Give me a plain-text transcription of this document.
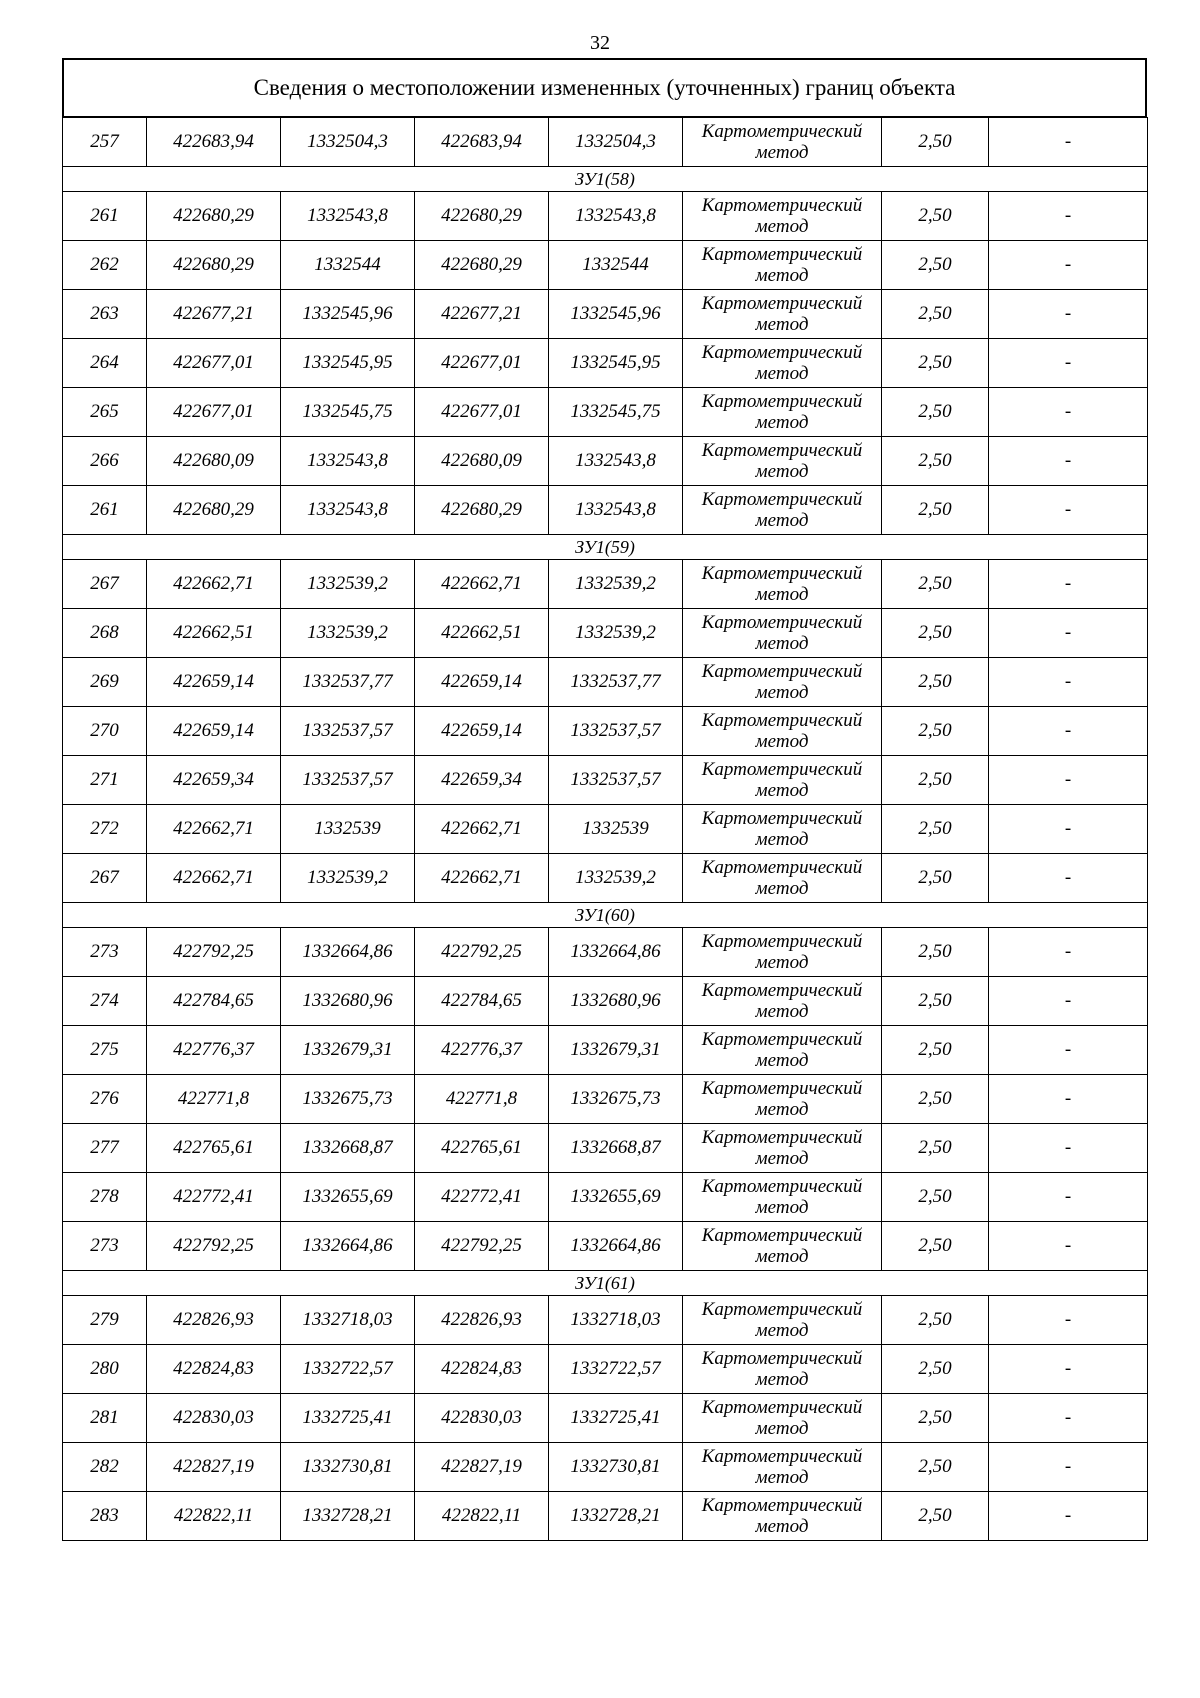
32
Сведения о местоположении измененных (уточненных) границ объекта
257	422683,94	1332504,3	422683,94	1332504,3	Картометрический метод	2,50	-
ЗУ1(58)							
261	422680,29	1332543,8	422680,29	1332543,8	Картометрический метод	2,50	-
262	422680,29	1332544	422680,29	1332544	Картометрический метод	2,50	-
263	422677,21	1332545,96	422677,21	1332545,96	Картометрический метод	2,50	-
264	422677,01	1332545,95	422677,01	1332545,95	Картометрический метод	2,50	-
265	422677,01	1332545,75	422677,01	1332545,75	Картометрический метод	2,50	-
266	422680,09	1332543,8	422680,09	1332543,8	Картометрический метод	2,50	-
261	422680,29	1332543,8	422680,29	1332543,8	Картометрический метод	2,50	-
ЗУ1(59)							
267	422662,71	1332539,2	422662,71	1332539,2	Картометрический метод	2,50	-
268	422662,51	1332539,2	422662,51	1332539,2	Картометрический метод	2,50	-
269	422659,14	1332537,77	422659,14	1332537,77	Картометрический метод	2,50	-
270	422659,14	1332537,57	422659,14	1332537,57	Картометрический метод	2,50	-
271	422659,34	1332537,57	422659,34	1332537,57	Картометрический метод	2,50	-
272	422662,71	1332539	422662,71	1332539	Картометрический метод	2,50	-
267	422662,71	1332539,2	422662,71	1332539,2	Картометрический метод	2,50	-
ЗУ1(60)							
273	422792,25	1332664,86	422792,25	1332664,86	Картометрический метод	2,50	-
274	422784,65	1332680,96	422784,65	1332680,96	Картометрический метод	2,50	-
275	422776,37	1332679,31	422776,37	1332679,31	Картометрический метод	2,50	-
276	422771,8	1332675,73	422771,8	1332675,73	Картометрический метод	2,50	-
277	422765,61	1332668,87	422765,61	1332668,87	Картометрический метод	2,50	-
278	422772,41	1332655,69	422772,41	1332655,69	Картометрический метод	2,50	-
273	422792,25	1332664,86	422792,25	1332664,86	Картометрический метод	2,50	-
ЗУ1(61)							
279	422826,93	1332718,03	422826,93	1332718,03	Картометрический метод	2,50	-
280	422824,83	1332722,57	422824,83	1332722,57	Картометрический метод	2,50	-
281	422830,03	1332725,41	422830,03	1332725,41	Картометрический метод	2,50	-
282	422827,19	1332730,81	422827,19	1332730,81	Картометрический метод	2,50	-
283	422822,11	1332728,21	422822,11	1332728,21	Картометрический метод	2,50	-
